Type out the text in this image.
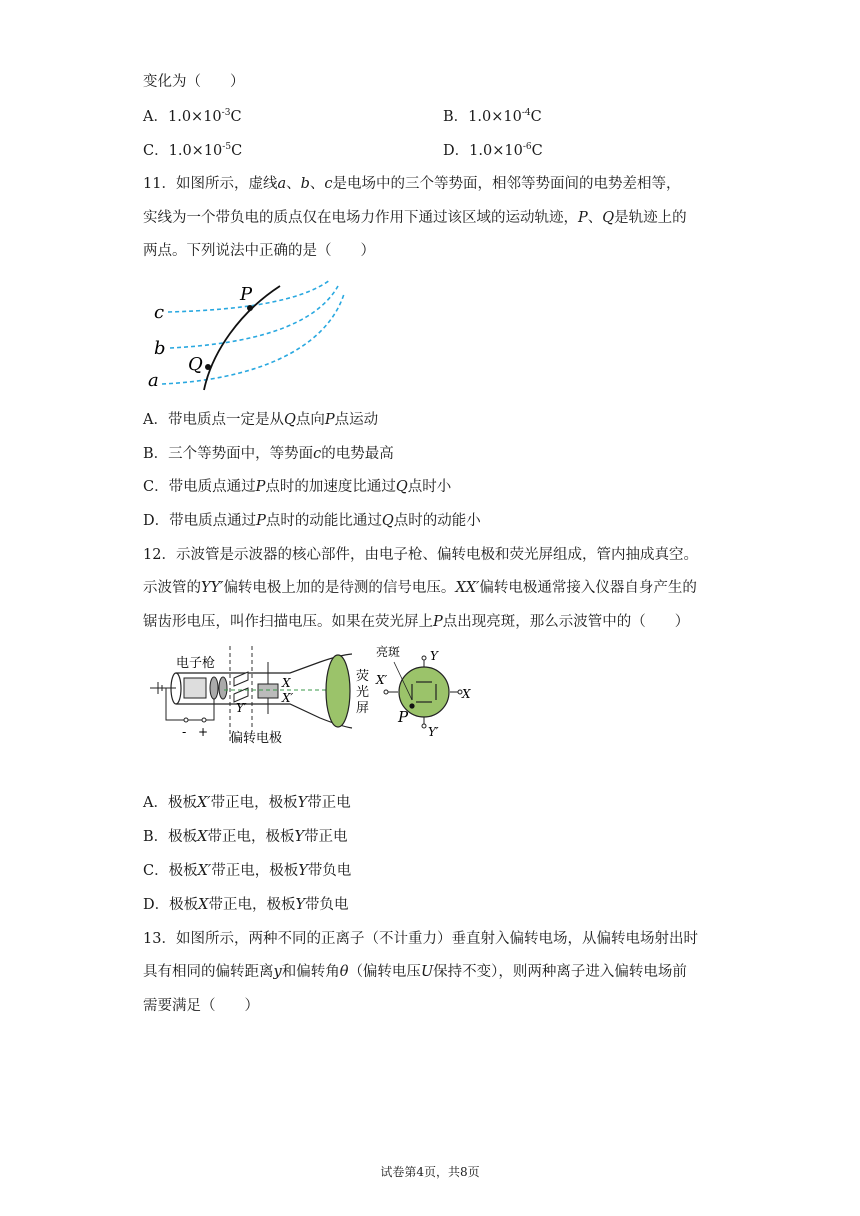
变化为（　　）
A．$1.0\times 10^{-3}C$	B．$1.0\times 10^{-4}C$
C．$1.0\times 10^{-5}C$	D．$1.0\times 10^{-6}C$
11．如图所示，虚线a、b、c是电场中的三个等势面，相邻等势面间的电势差相等，
实线为一个带负电的质点仅在电场力作用下通过该区域的运动轨迹，P、Q是轨迹上的
两点。下列说法中正确的是（　　）
c
b
a
P
Q
A．带电质点一定是从Q点向P点运动
B．三个等势面中，等势面c的电势最高
C．带电质点通过P点时的加速度比通过Q点时小
D．带电质点通过P点时的动能比通过Q点时的动能小
12．示波管是示波器的核心部件，由电子枪、偏转电极和荧光屏组成，管内抽成真空。
示波管的YY′偏转电极上加的是待测的信号电压。XX′偏转电极通常接入仪器自身产生的
锯齿形电压，叫作扫描电压。如果在荧光屏上P点出现亮斑，那么示波管中的（　　）
电子枪
偏转电极
- +
Y′
X
X′
荧
光
屏
亮斑 Y
X′
X
Y′
P
A．极板X′带正电，极板Y带正电
B．极板X带正电，极板Y带正电
C．极板X′带正电，极板Y带负电
D．极板X带正电，极板Y带负电
13．如图所示，两种不同的正离子（不计重力）垂直射入偏转电场，从偏转电场射出时
具有相同的偏转距离y和偏转角θ（偏转电压U保持不变），则两种离子进入偏转电场前
需要满足（　　）
试卷第4页，共8页
